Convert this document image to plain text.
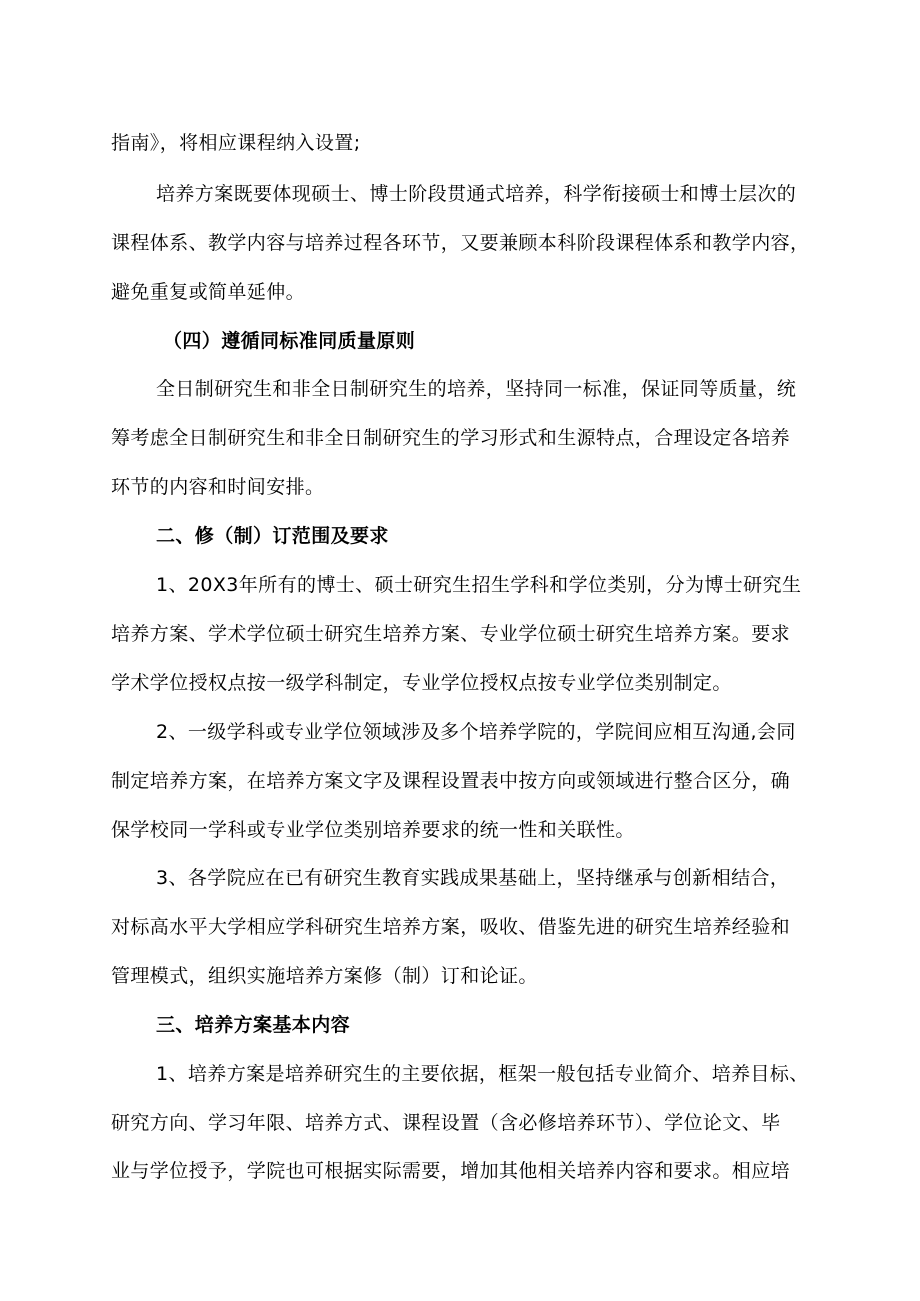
指南》，将相应课程纳入设置;
培养方案既要体现硕士、博士阶段贯通式培养，科学衔接硕士和博士层次的
课程体系、教学内容与培养过程各环节，又要兼顾本科阶段课程体系和教学内容，
避免重复或简单延伸。
（四）遵循同标准同质量原则
全日制研究生和非全日制研究生的培养，坚持同一标准，保证同等质量，统
筹考虑全日制研究生和非全日制研究生的学习形式和生源特点，合理设定各培养
环节的内容和时间安排。
二、修（制）订范围及要求
1、20X3年所有的博士、硕士研究生招生学科和学位类别，分为博士研究生
培养方案、学术学位硕士研究生培养方案、专业学位硕士研究生培养方案。要求
学术学位授权点按一级学科制定，专业学位授权点按专业学位类别制定。
2、一级学科或专业学位领域涉及多个培养学院的，学院间应相互沟通,会同
制定培养方案，在培养方案文字及课程设置表中按方向或领域进行整合区分，确
保学校同一学科或专业学位类别培养要求的统一性和关联性。
3、各学院应在已有研究生教育实践成果基础上，坚持继承与创新相结合，
对标高水平大学相应学科研究生培养方案，吸收、借鉴先进的研究生培养经验和
管理模式，组织实施培养方案修（制）订和论证。
三、培养方案基本内容
1、培养方案是培养研究生的主要依据，框架一般包括专业简介、培养目标、
研究方向、学习年限、培养方式、课程设置（含必修培养环节）、学位论文、毕
业与学位授予，学院也可根据实际需要，增加其他相关培养内容和要求。相应培
